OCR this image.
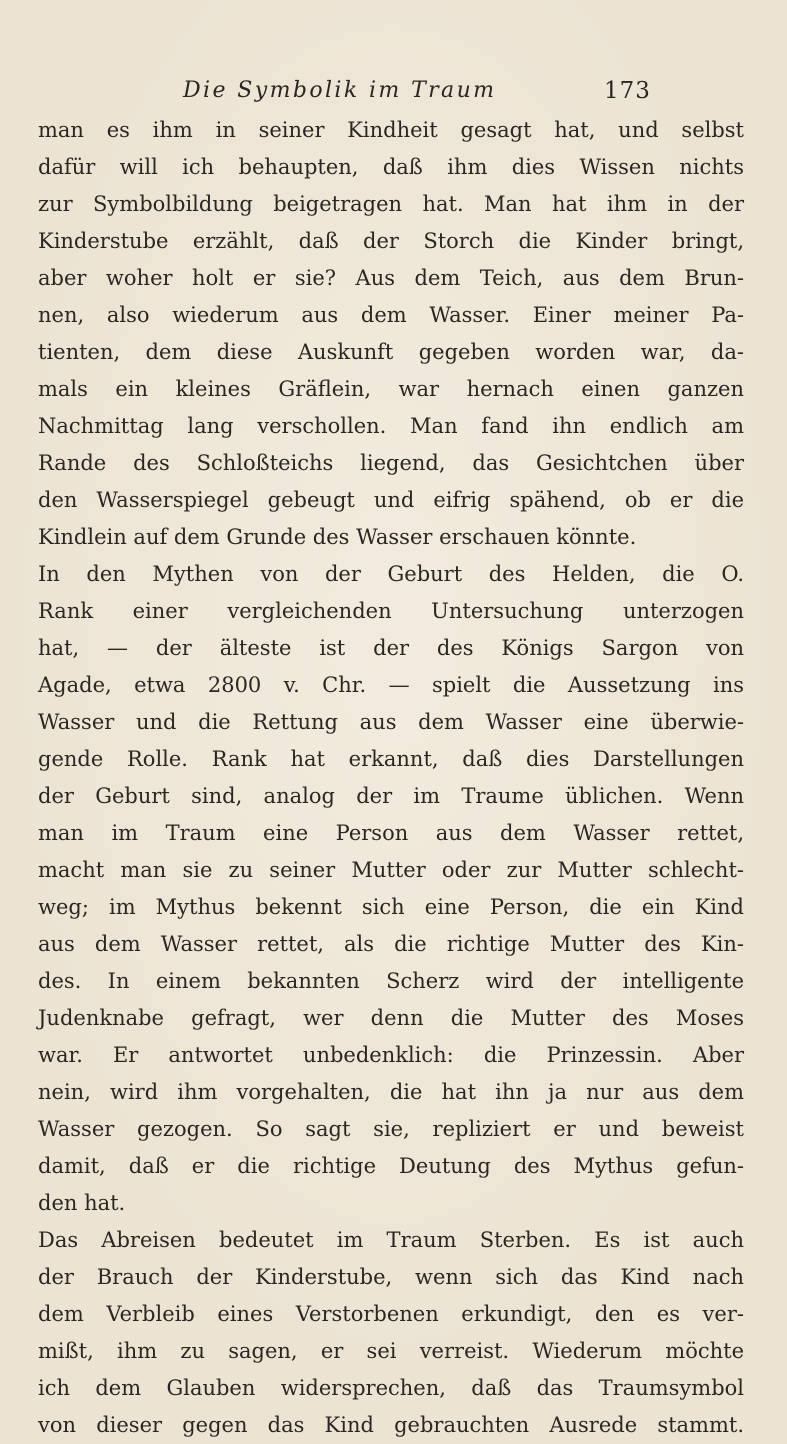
Die Symbolik im Traum	173
man es ihm in seiner Kindheit gesagt hat, und selbst
dafür will ich behaupten, daß ihm dies Wissen nichts
zur Symbolbildung beigetragen hat. Man hat ihm in der
Kinderstube erzählt, daß der Storch die Kinder bringt,
aber woher holt er sie? Aus dem Teich, aus dem Brun-
nen, also wiederum aus dem Wasser. Einer meiner Pa-
tienten, dem diese Auskunft gegeben worden war, da-
mals ein kleines Gräflein, war hernach einen ganzen
Nachmittag lang verschollen. Man fand ihn endlich am
Rande des Schloßteichs liegend, das Gesichtchen über
den Wasserspiegel gebeugt und eifrig spähend, ob er die
Kindlein auf dem Grunde des Wasser erschauen könnte.
In den Mythen von der Geburt des Helden, die O.
Rank einer vergleichenden Untersuchung unterzogen
hat, — der älteste ist der des Königs Sargon von
Agade, etwa 2800 v. Chr. — spielt die Aussetzung ins
Wasser und die Rettung aus dem Wasser eine überwie-
gende Rolle. Rank hat erkannt, daß dies Darstellungen
der Geburt sind, analog der im Traume üblichen. Wenn
man im Traum eine Person aus dem Wasser rettet,
macht man sie zu seiner Mutter oder zur Mutter schlecht-
weg; im Mythus bekennt sich eine Person, die ein Kind
aus dem Wasser rettet, als die richtige Mutter des Kin-
des. In einem bekannten Scherz wird der intelligente
Judenknabe gefragt, wer denn die Mutter des Moses
war. Er antwortet unbedenklich: die Prinzessin. Aber
nein, wird ihm vorgehalten, die hat ihn ja nur aus dem
Wasser gezogen. So sagt sie, repliziert er und beweist
damit, daß er die richtige Deutung des Mythus gefun-
den hat.
Das Abreisen bedeutet im Traum Sterben. Es ist auch
der Brauch der Kinderstube, wenn sich das Kind nach
dem Verbleib eines Verstorbenen erkundigt, den es ver-
mißt, ihm zu sagen, er sei verreist. Wiederum möchte
ich dem Glauben widersprechen, daß das Traumsymbol
von dieser gegen das Kind gebrauchten Ausrede stammt.
